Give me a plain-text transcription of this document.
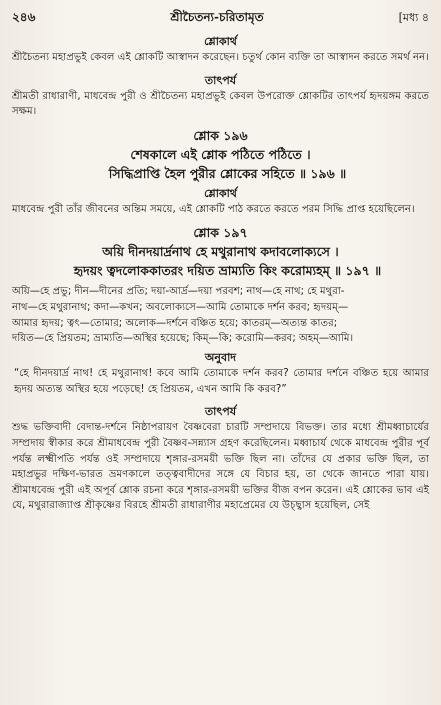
২৪৬	শ্রীচৈতন্য-চরিতামৃত	[মধ্য ৪
শ্লোকার্থ

শ্রীচৈতন্য মহাপ্রভুই কেবল এই শ্লোকটি আস্বাদন করেছেন। চতুর্থ কোন ব্যক্তি তা আস্বাদন করতে সমর্থ নন।

তাৎপর্য

শ্রীমতী রাধারাণী, মাধবেন্দ্র পুরী ও শ্রীচৈতন্য মহাপ্রভুই কেবল উপরোক্ত শ্লোকটির তাৎপর্য হৃদয়ঙ্গম করতে সক্ষম।

শ্লোক ১৯৬
শেষকালে এই শ্লোক পঠিতে পঠিতে ।
সিদ্ধিপ্রাপ্তি হৈল পুরীর শ্লোকের সহিতে ॥ ১৯৬ ॥
শ্লোকার্থ

মাধবেন্দ্র পুরী তাঁর জীবনের অন্তিম সময়ে, এই শ্লোকটি পাঠ করতে করতে পরম সিদ্ধি প্রাপ্ত হয়েছিলেন।

শ্লোক ১৯৭
অয়ি দীনদয়ার্দ্রনাথ হে মথুরানাথ কদাবলোক্যসে ।
হৃদয়ং ত্বদলোককাতরং দয়িত ভ্রাম্যতি কিং করোম্যহম্ ॥ ১৯৭ ॥

অয়ি—হে প্রভু; দীন—দীনের প্রতি; দয়া-আর্দ্র—দয়া পরবশ; নাথ—হে নাথ; হে মথুরা-

নাথ—হে মথুরানাথ; কদা—কখন; অবলোক্যসে—আমি তোমাকে দর্শন করব; হৃদয়ম্—

আমার হৃদয়; ত্বৎ—তোমার; অলোক—দর্শনে বঞ্চিত হয়ে; কাতরম্—অত্যন্ত কাতর;

দয়িত—হে প্রিয়তম; ভ্রাম্যতি—অস্থির হয়েছে; কিম্—কি; করোমি—করব; অহম্—আমি।

অনুবাদ

“হে দীনদয়ার্দ্র নাথ! হে মথুরানাথ! কবে আমি তোমাকে দর্শন করব? তোমার দর্শনে বঞ্চিত হয়ে আমার হৃদয় অত্যন্ত অস্থির হয়ে পড়েছে! হে প্রিয়তম, এখন আমি কি করব?”

তাৎপর্য

শুদ্ধ ভক্তিবাদী বেদান্ত-দর্শনে নিষ্ঠাপরায়ণ বৈষ্ণবেরা চারটি সম্প্রদায়ে বিভক্ত। তার মধ্যে শ্রীমধ্বাচার্যের সম্প্রদায় স্বীকার করে শ্রীমাধবেন্দ্র পুরী বৈষ্ণব-সন্ন্যাস গ্রহণ করেছিলেন। মধ্বাচার্য থেকে মাধবেন্দ্র পুরীর পূর্ব পর্যন্ত লক্ষ্মীপতি পর্যন্ত ওই সম্প্রদায়ে শৃঙ্গার-রসময়ী ভক্তি ছিল না। তাঁদের যে প্রকার ভক্তি ছিল, তা মহাপ্রভুর দক্ষিণ-ভারত ভ্রমণকালে তত্ত্ববাদীদের সঙ্গে যে বিচার হয়, তা থেকে জানতে পারা যায়। শ্রীমাধবেন্দ্র পুরী এই অপূর্ব শ্লোক রচনা করে শৃঙ্গার-রসময়ী ভক্তির বীজ বপন করেন। এই শ্লোকের ভাব এই যে, মথুরারাজ্যাপ্ত শ্রীকৃষ্ণের বিরহে শ্রীমতী রাধারাণীর মহাপ্রেমের যে উচ্ছ্বাস হয়েছিল, সেই
